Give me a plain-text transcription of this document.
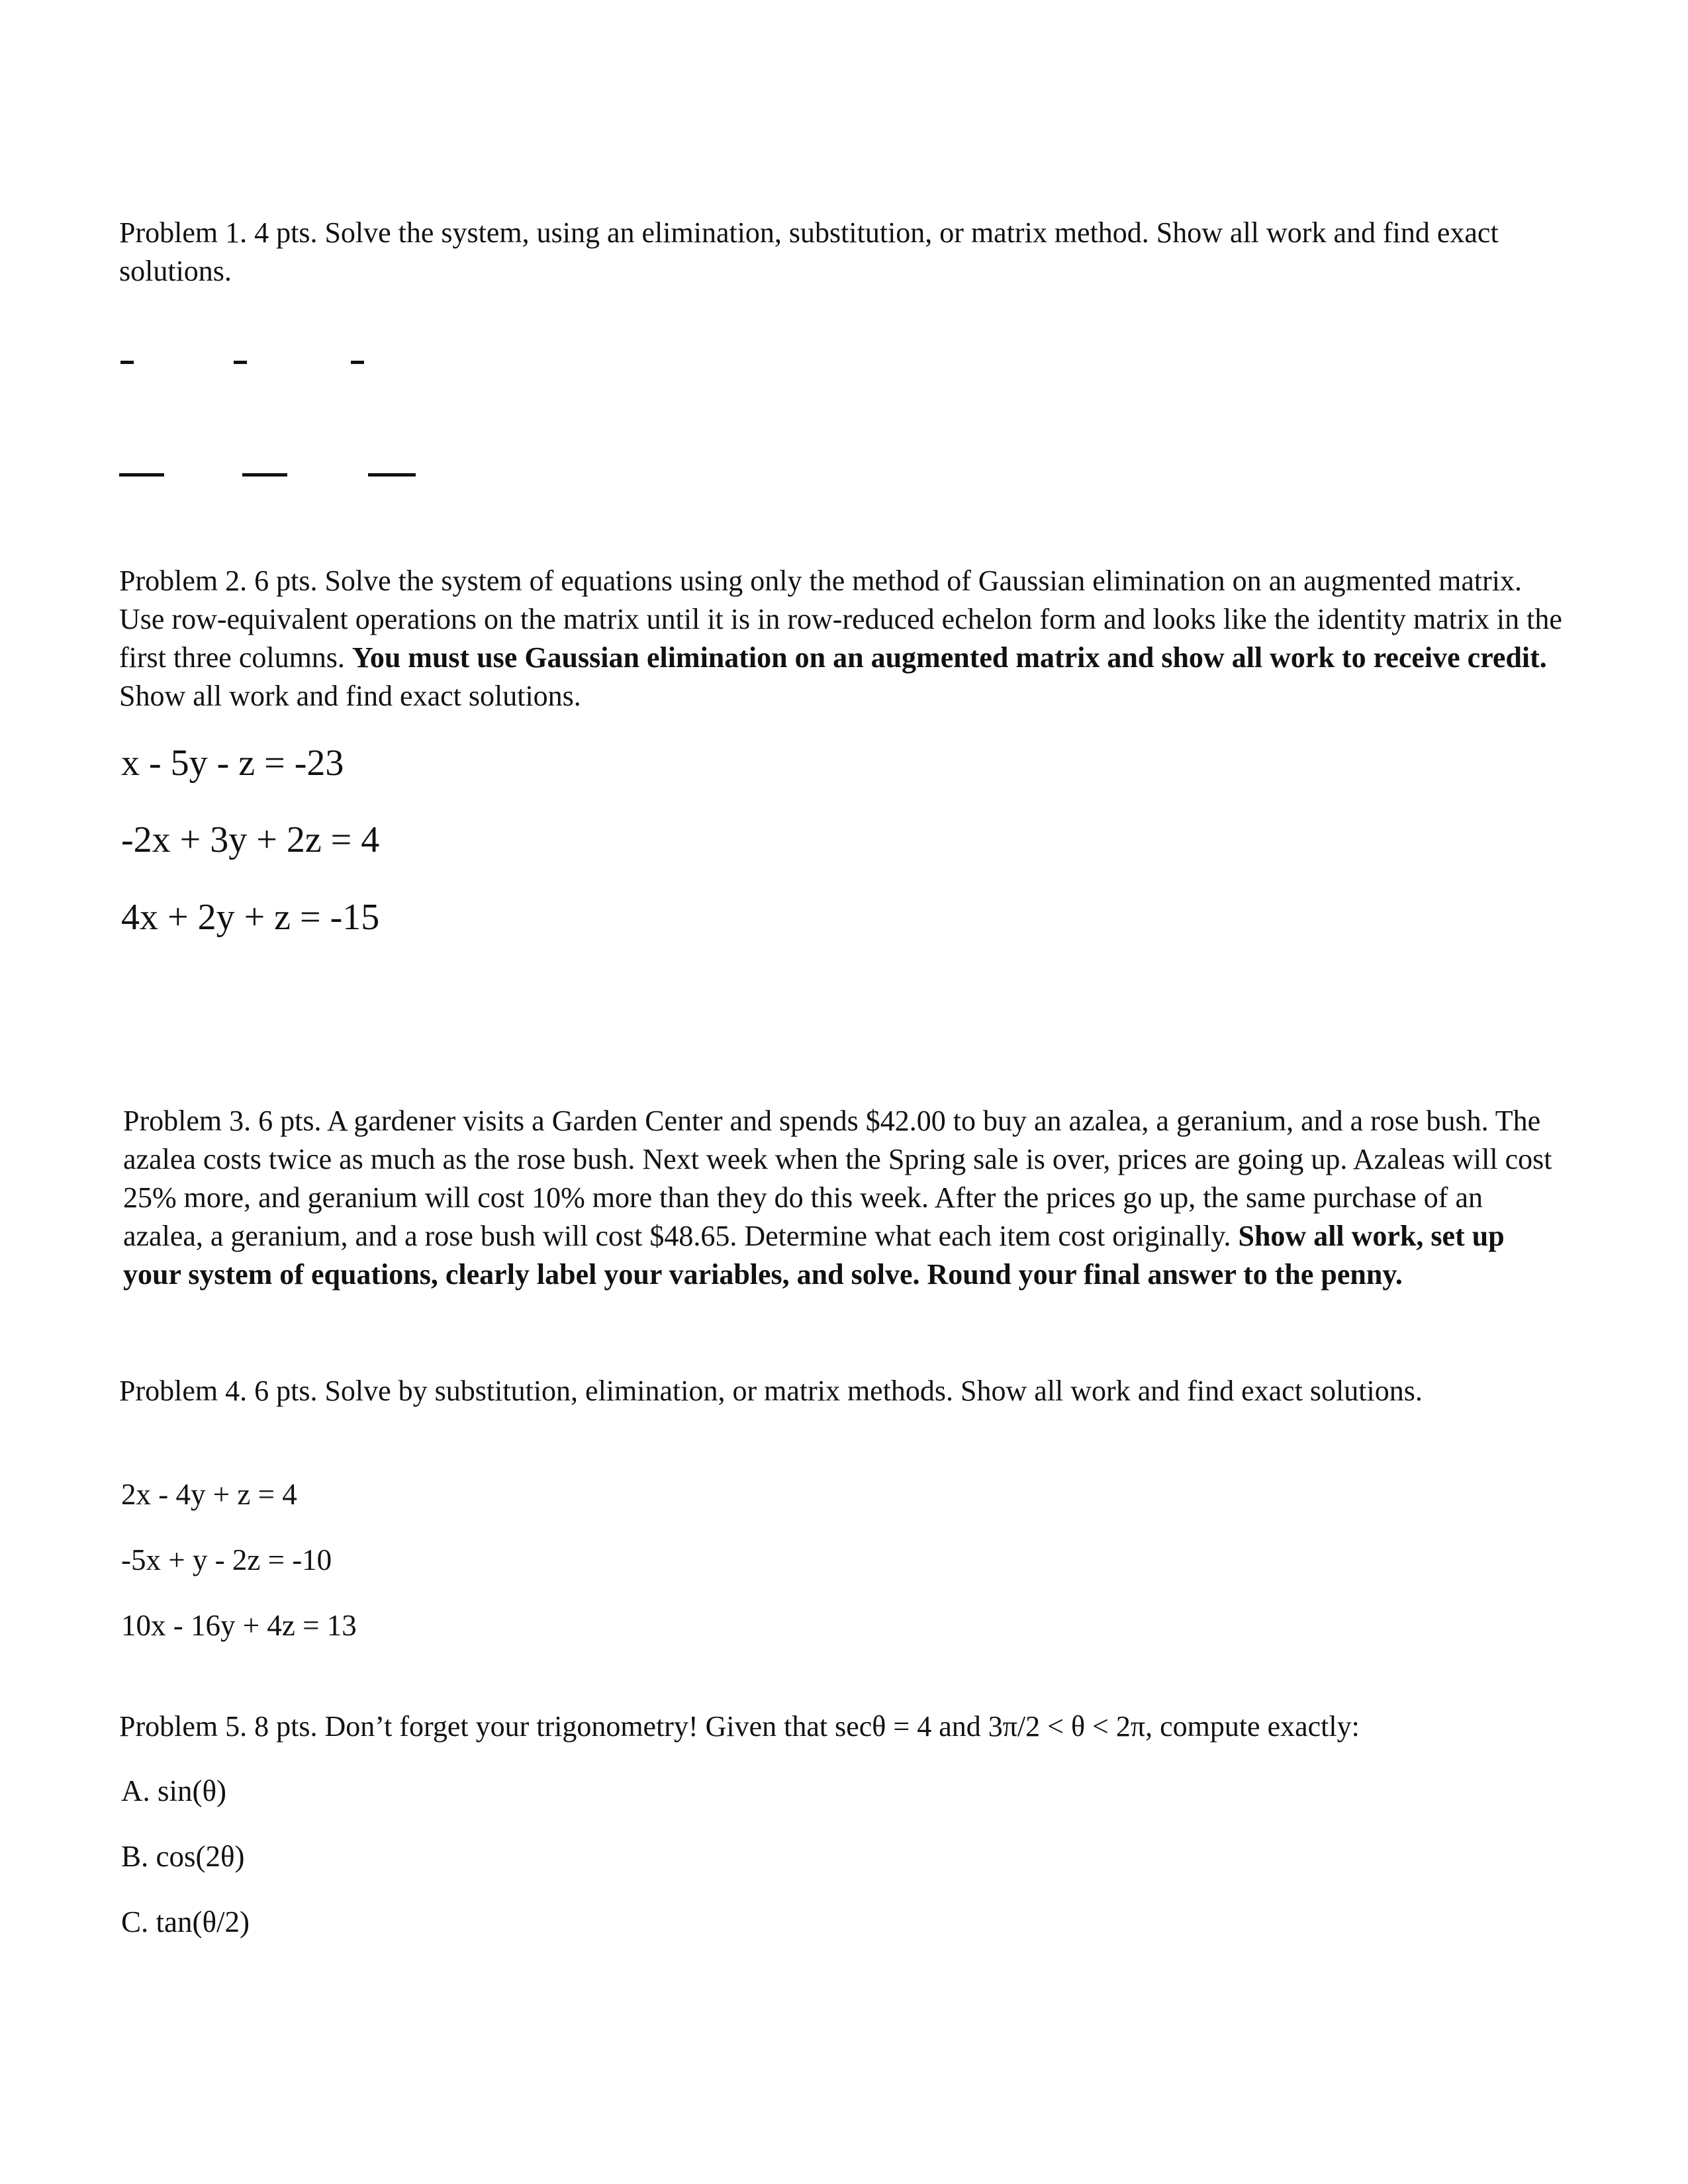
Problem 1. 4 pts. Solve the system, using an elimination, substitution, or matrix method. Show all work and find exact solutions.
Problem 2. 6 pts. Solve the system of equations using only the method of Gaussian elimination on an augmented matrix. Use row-equivalent operations on the matrix until it is in row-reduced echelon form and looks like the identity matrix in the first three columns. You must use Gaussian elimination on an augmented matrix and show all work to receive credit. Show all work and find exact solutions.
x - 5y - z = -23
-2x + 3y + 2z = 4
4x + 2y + z = -15
Problem 3. 6 pts. A gardener visits a Garden Center and spends $42.00 to buy an azalea, a geranium, and a rose bush. The azalea costs twice as much as the rose bush. Next week when the Spring sale is over, prices are going up. Azaleas will cost 25% more, and geranium will cost 10% more than they do this week. After the prices go up, the same purchase of an azalea, a geranium, and a rose bush will cost $48.65. Determine what each item cost originally. Show all work, set up your system of equations, clearly label your variables, and solve. Round your final answer to the penny.
Problem 4. 6 pts. Solve by substitution, elimination, or matrix methods. Show all work and find exact solutions.
2x - 4y + z = 4
-5x + y - 2z = -10
10x - 16y + 4z = 13
Problem 5. 8 pts. Don’t forget your trigonometry! Given that secθ = 4 and 3π/2 < θ < 2π, compute exactly:
A. sin(θ)
B. cos(2θ)
C. tan(θ/2)
